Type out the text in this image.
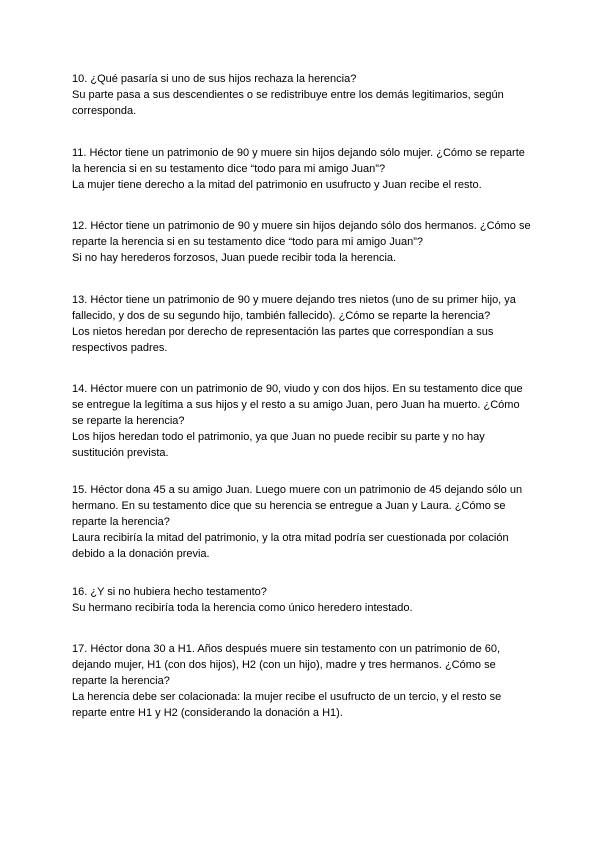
10. ¿Qué pasaría si uno de sus hijos rechaza la herencia?

Su parte pasa a sus descendientes o se redistribuye entre los demás legitimarios, según corresponda.

11. Héctor tiene un patrimonio de 90 y muere sin hijos dejando sólo mujer. ¿Cómo se reparte la herencia si en su testamento dice “todo para mi amigo Juan”?

La mujer tiene derecho a la mitad del patrimonio en usufructo y Juan recibe el resto.

12. Héctor tiene un patrimonio de 90 y muere sin hijos dejando sólo dos hermanos. ¿Cómo se reparte la herencia si en su testamento dice “todo para mi amigo Juan”?

Si no hay herederos forzosos, Juan puede recibir toda la herencia.

13. Héctor tiene un patrimonio de 90 y muere dejando tres nietos (uno de su primer hijo, ya fallecido, y dos de su segundo hijo, también fallecido). ¿Cómo se reparte la herencia?

Los nietos heredan por derecho de representación las partes que correspondían a sus respectivos padres.

14. Héctor muere con un patrimonio de 90, viudo y con dos hijos. En su testamento dice que se entregue la legítima a sus hijos y el resto a su amigo Juan, pero Juan ha muerto. ¿Cómo se reparte la herencia?

Los hijos heredan todo el patrimonio, ya que Juan no puede recibir su parte y no hay sustitución prevista.

15. Héctor dona 45 a su amigo Juan. Luego muere con un patrimonio de 45 dejando sólo un hermano. En su testamento dice que su herencia se entregue a Juan y Laura. ¿Cómo se reparte la herencia?

Laura recibiría la mitad del patrimonio, y la otra mitad podría ser cuestionada por colación debido a la donación previa.

16. ¿Y si no hubiera hecho testamento?

Su hermano recibiría toda la herencia como único heredero intestado.

17. Héctor dona 30 a H1. Años después muere sin testamento con un patrimonio de 60, dejando mujer, H1 (con dos hijos), H2 (con un hijo), madre y tres hermanos. ¿Cómo se reparte la herencia?

La herencia debe ser colacionada: la mujer recibe el usufructo de un tercio, y el resto se reparte entre H1 y H2 (considerando la donación a H1).
